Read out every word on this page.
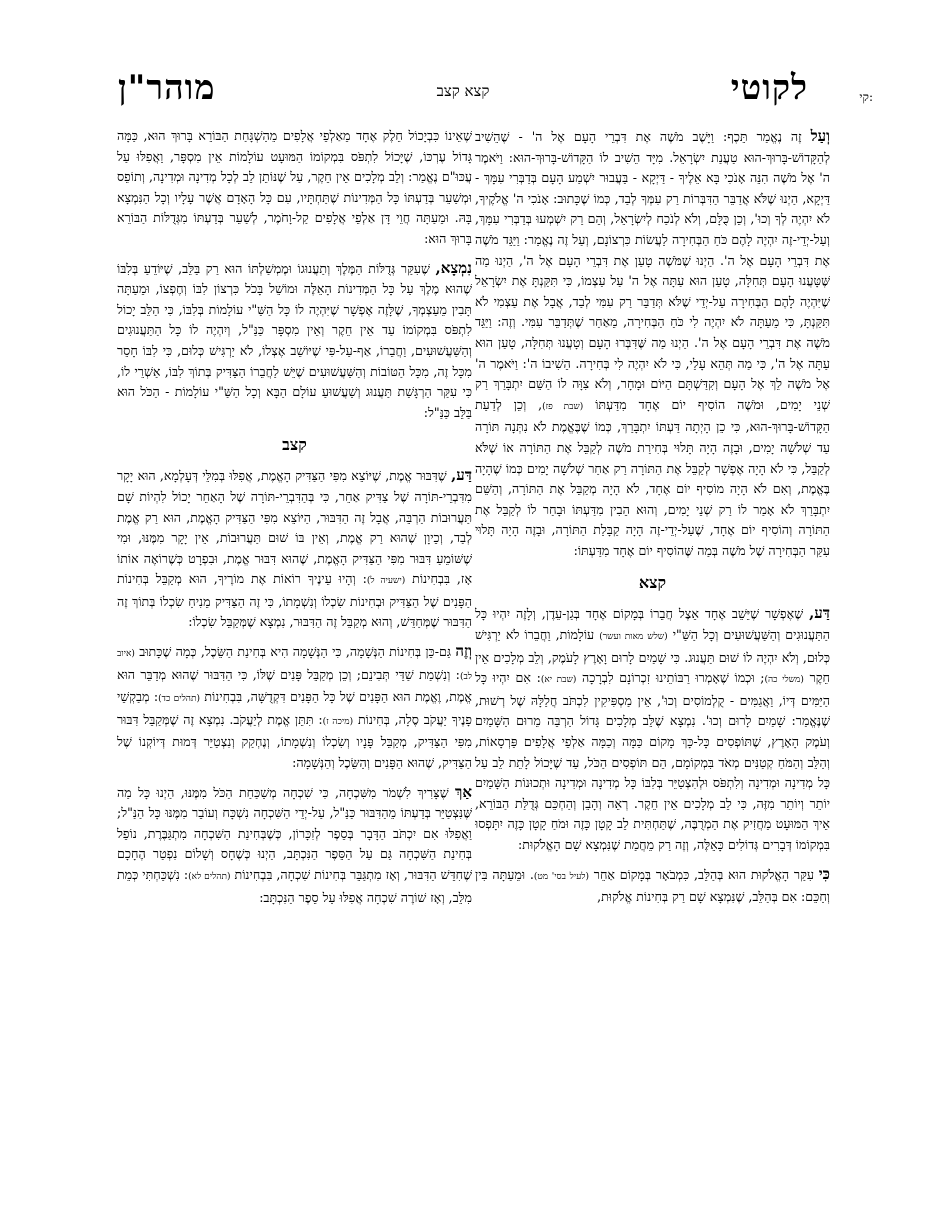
קי:
לקוטי
קצא קצב
מוהר"ן

וְעַל זֶה נֶאֱמַר תֵּכֶף: וַיָּשֶׁב מֹשֶׁה אֶת דִּבְרֵי הָעָם אֶל ה' - שֶׁהֵשִׁיב לְהַקָּדוֹשׁ-בָּרוּךְ-הוּא טַעֲנַת יִשְׂרָאֵל. מִיָּד הֵשִׁיב לוֹ הַקָּדוֹשׁ-בָּרוּךְ-הוּא: וַיֹּאמֶר ה' אֶל מֹשֶׁה הִנֵּה אָנֹכִי בָּא אֵלֶיךָ - דַּיְקָא - בַּעֲבוּר יִשְׁמַע הָעָם בְּדַבְּרִי עִמָּךְ - דַּיְקָא, הַיְנוּ שֶׁלֹּא אֲדַבֵּר הַדִּבְּרוֹת רַק עִמְּךָ לְבַד, כְּמוֹ שֶׁכָּתוּב: אָנֹכִי ה' אֱלֹקֶיךָ, לֹא יִהְיֶה לְךָ וְכוּ', וְכֵן כֻּלָּם, וְלֹא לְנֹכַח לְיִשְׂרָאֵל, וְהֵם רַק יִשְׁמְעוּ בְּדַבְּרִי עִמָּךְ, וְעַל-יְדֵי-זֶה יִהְיֶה לָהֶם כֹּחַ הַבְּחִירָה לַעֲשׂוֹת כִּרְצוֹנָם, וְעַל זֶה נֶאֱמַר: וַיַּגֵּד מֹשֶׁה אֶת דִּבְרֵי הָעָם אֶל ה'. הַיְנוּ שֶׁמֹּשֶׁה טָעַן אֶת דִּבְרֵי הָעָם אֶל ה', הַיְנוּ מַה שֶּׁטָּעֲנוּ הָעָם תְּחִלָּה, טָעַן הוּא עַתָּה אֶל ה' עַל עַצְמוֹ, כִּי תִּקַּנְתָּ אֶת יִשְׂרָאֵל שֶׁיִּהְיֶה לָהֶם הַבְּחִירָה עַל-יְדֵי שֶׁלֹּא תְּדַבֵּר רַק עִמִּי לְבַד, אֲבָל אֶת עַצְמִי לֹא תִּקַּנְתָּ, כִּי מֵעַתָּה לֹא יִהְיֶה לִי כֹּחַ הַבְּחִירָה, מֵאַחַר שֶׁתְּדַבֵּר עִמִּי. וְזֶה: וַיַּגֵּד מֹשֶׁה אֶת דִּבְרֵי הָעָם אֶל ה'. הַיְנוּ מַה שֶּׁדִּבְּרוּ הָעָם וְטָעֲנוּ תְּחִלָּה, טָעַן הוּא עַתָּה אֶל ה', כִּי מַה תְּהֵא עָלַי, כִּי לֹא יִהְיֶה לִי בְּחִירָה. הֵשִׁיבוֹ ה': וַיֹּאמֶר ה' אֶל מֹשֶׁה לֵךְ אֶל הָעָם וְקִדַּשְׁתָּם הַיּוֹם וּמָחָר, וְלֹא צִוָּה לוֹ הַשֵּׁם יִתְבָּרַךְ רַק שְׁנֵי יָמִים, וּמֹשֶׁה הוֹסִיף יוֹם אֶחָד מִדַּעְתּוֹ (שבת פז), וְכֵן לְדַעַת הַקָּדוֹשׁ-בָּרוּךְ-הוּא, כִּי כֵן הָיְתָה דַּעְתּוֹ יִתְבָּרַךְ, כְּמוֹ שֶׁבֶּאֱמֶת לֹא נִתְּנָה תּוֹרָה עַד שְׁלֹשָׁה יָמִים, וּבָזֶה הָיָה תָּלוּי בְּחִירַת מֹשֶׁה לְקַבֵּל אֶת הַתּוֹרָה אוֹ שֶׁלֹּא לְקַבֵּל, כִּי לֹא הָיָה אֶפְשָׁר לְקַבֵּל אֶת הַתּוֹרָה רַק אַחַר שְׁלֹשָׁה יָמִים כְּמוֹ שֶׁהָיָה בֶּאֱמֶת, וְאִם לֹא הָיָה מוֹסִיף יוֹם אֶחָד, לֹא הָיָה מְקַבֵּל אֶת הַתּוֹרָה, וְהַשֵּׁם יִתְבָּרַךְ לֹא אָמַר לוֹ רַק שְׁנֵי יָמִים, וְהוּא הֵבִין מִדַּעְתּוֹ וּבָחַר לוֹ לְקַבֵּל אֶת הַתּוֹרָה וְהוֹסִיף יוֹם אֶחָד, שֶׁעַל-יְדֵי-זֶה הָיָה קַבָּלַת הַתּוֹרָה, וּבָזֶה הָיָה תָּלוּי עִקַּר הַבְּחִירָה שֶׁל מֹשֶׁה בְּמַה שֶּׁהוֹסִיף יוֹם אֶחָד מִדַּעְתּוֹ:

קצא

דַּע, שֶׁאֶפְשָׁר שֶׁיֵּשֵׁב אֶחָד אֵצֶל חֲבֵרוֹ בְּמָקוֹם אֶחָד בְּגַן-עֵדֶן, וְלָזֶה יִהְיוּ כָּל הַתַּעֲנוּגִים וְהַשַּׁעֲשׁוּעִים וְכָל הַשַּׁ"י (שלש מאות ועשר) עוֹלָמוֹת, וַחֲבֵרוֹ לֹא יַרְגִּישׁ כְּלוּם, וְלֹא יִהְיֶה לוֹ שׁוּם תַּעֲנוּג. כִּי שָׁמַיִם לָרוּם וָאָרֶץ לָעֹמֶק, וְלֵב מְלָכִים אֵין חֵקֶר (משלי כה); וּכְמוֹ שֶׁאָמְרוּ רַבּוֹתֵינוּ זִכְרוֹנָם לִבְרָכָה (שבת יא): אִם יִהְיוּ כָּל הַיַּמִּים דְּיוֹ, וַאֲגַמִּים - קֻלְמוֹסִים וְכוּ', אֵין מַסְפִּיקִין לִכְתֹּב חֲלַלָּהּ שֶׁל רְשׁוּת, שֶׁנֶּאֱמַר: שָׁמַיִם לָרוּם וְכוּ'. נִמְצָא שֶׁלֵּב מְלָכִים גָּדוֹל הַרְבֵּה מֵרוּם הַשָּׁמַיִם וְעֹמֶק הָאָרֶץ, שֶׁתּוֹפְסִים כָּל-כָּךְ מָקוֹם כַּמָּה וְכַמָּה אַלְפֵי אֲלָפִים פַּרְסָאוֹת, וְהַלֵּב וְהַמֹּחַ קְטַנִּים מְאֹד בִּמְקוֹמָם, הֵם תּוֹפְסִים הַכֹּל, עַד שֶׁיָּכוֹל לָתֵת לֵב עַל כָּל מְדִינָה וּמְדִינָה וְלִתְפֹּס וּלְהִצְטַיֵּר בְּלִבּוֹ כָּל מְדִינָה וּמְדִינָה וּתְכוּנוֹת הַשָּׁמַיִם יוֹתֵר וְיוֹתֵר מִזֶּה, כִּי לֵב מְלָכִים אֵין חֵקֶר. רְאֵה וְהָבֵן וְהַחְכֵּם גְּדֻלַּת הַבּוֹרֵא, אֵיךְ הַמּוּעָט מַחֲזִיק אֶת הַמְרֻבֶּה, שֶׁתַּחְתִּית לֵב קָטָן כָּזֶה וּמֹחַ קָטָן כָּזֶה יִתָּפְסוּ בִּמְקוֹמוֹ דְּבָרִים גְּדוֹלִים כָּאֵלֶּה, וְזֶה רַק מֵחֲמַת שֶׁנִּמְצָא שָׁם הָאֱלֹקוּת:

כִּי עִקַּר הָאֱלֹקוּת הוּא בְּהַלֵּב, כִּמְבֹאָר בְּמָקוֹם אַחֵר (לעיל בסי' מט). וּמֵעַתָּה בִּין וְחַכֵּם: אִם בְּהַלֵּב, שֶׁנִּמְצָא שָׁם רַק בְּחִינוֹת אֱלֹקוּת,

שֶׁאֵינוֹ כִּבְיָכוֹל חֵלֶק אֶחָד מֵאַלְפֵי אֲלָפִים מֵהַשְׁגָּחַת הַבּוֹרֵא בָּרוּךְ הוּא, כַּמָּה גָּדוֹל עֶרְכּוֹ, שֶׁיָּכוֹל לִתְפֹּס בִּמְקוֹמוֹ הַמּוּעָט עוֹלָמוֹת אֵין מִסְפָּר, וַאֲפִלּוּ עַל עֲכּוּ"ם נֶאֱמַר: וְלֵב מְלָכִים אֵין חֵקֶר, עַל שֶׁנּוֹתֵן לֵב לְכָל מְדִינָה וּמְדִינָה, וְתוֹפֵס וּמְשַׁעֵר בְּדַעְתּוֹ כָּל הַמְּדִינוֹת שֶׁתַּחְתָּיו, עִם כָּל הָאָדָם אֲשֶׁר עָלָיו וְכָל הַנִּמְצָא בָּהּ. וּמֵעַתָּה חֲוֵי דָּן אַלְפֵי אֲלָפִים קַל-וָחֹמֶר, לְשַׁעֵר בְּדַעְתּוֹ מִגְּדֻלּוֹת הַבּוֹרֵא בָּרוּךְ הוּא:

נִמְצָא, שֶׁעִקַּר גְּדֻלּוֹת הַמֶּלֶךְ וְתַעֲנוּגוֹ וּמֶמְשַׁלְתּוֹ הוּא רַק בַּלֵּב, שֶׁיּוֹדֵעַ בְּלִבּוֹ שֶׁהוּא מֶלֶךְ עַל כָּל הַמְּדִינוֹת הָאֵלֶּה וּמוֹשֵׁל בָּכֹל כִּרְצוֹן לִבּוֹ וְחֶפְצוֹ, וּמֵעַתָּה תָּבִין מֵעַצְמְךָ, שֶׁלָּזֶה אֶפְשָׁר שֶׁיִּהְיֶה לוֹ כָּל הַשַּׁ"י עוֹלָמוֹת בְּלִבּוֹ, כִּי הַלֵּב יָכוֹל לִתְפֹּס בִּמְקוֹמוֹ עַד אֵין חֵקֶר וְאֵין מִסְפָּר כַּנַּ"ל, וְיִהְיֶה לוֹ כָּל הַתַּעֲנוּגִים וְהַשַּׁעֲשׁוּעִים, וַחֲבֵרוֹ, אַף-עַל-פִּי שֶׁיּוֹשֵׁב אֶצְלוֹ, לֹא יַרְגִּישׁ כְּלוּם, כִּי לִבּוֹ חָסֵר מִכָּל זֶה, מִכָּל הַטּוֹבוֹת וְהַשַּׁעֲשׁוּעִים שֶׁיֵּשׁ לַחֲבֵרוֹ הַצַּדִּיק בְּתוֹךְ לִבּוֹ, אַשְׁרֵי לוֹ, כִּי עִקַּר הַרְגָּשַׁת תַּעֲנוּג וְשַׁעֲשׁוּעַ עוֹלָם הַבָּא וְכָל הַשַּׁ"י עוֹלָמוֹת - הַכֹּל הוּא בַּלֵּב כַּנַּ"ל:

קצב

דַּע, שֶׁדִּבּוּר אֱמֶת, שֶׁיּוֹצֵא מִפִּי הַצַּדִּיק הָאֱמֶת, אֲפִלּוּ בְּמִלֵּי דְּעָלְמָא, הוּא יָקָר מִדִּבְרֵי-תּוֹרָה שֶׁל צַדִּיק אַחֵר, כִּי בְּהַדִּבְרֵי-תּוֹרָה שֶׁל הָאַחֵר יָכוֹל לִהְיוֹת שָׁם תַּעֲרוּבוֹת הַרְבֵּה, אֲבָל זֶה הַדִּבּוּר, הַיּוֹצֵא מִפִּי הַצַּדִּיק הָאֱמֶת, הוּא רַק אֱמֶת לְבַד, וְכֵיוָן שֶׁהוּא רַק אֱמֶת, וְאֵין בּוֹ שׁוּם תַּעֲרוּבוֹת, אֵין יָקָר מִמֶּנּוּ, וּמִי שֶׁשּׁוֹמֵעַ דִּבּוּר מִפִּי הַצַּדִּיק הָאֱמֶת, שֶׁהוּא דִּבּוּר אֱמֶת, וּבִפְרָט כְּשֶׁרוֹאֶה אוֹתוֹ אָז, בִּבְחִינוֹת (ישעיה ל): וְהָיוּ עֵינֶיךָ רוֹאוֹת אֶת מוֹרֶיךָ, הוּא מְקַבֵּל בְּחִינוֹת הַפָּנִים שֶׁל הַצַּדִּיק וּבְחִינוֹת שִׂכְלוֹ וְנִשְׁמָתוֹ, כִּי זֶה הַצַּדִּיק מֵנִיחַ שִׂכְלוֹ בְּתוֹךְ זֶה הַדִּבּוּר שֶׁמְּחַדֵּשׁ, וְהוּא מְקַבֵּל זֶה הַדִּבּוּר, נִמְצָא שֶׁמְּקַבֵּל שִׂכְלוֹ:

וְזֶה גַּם-כֵּן בְּחִינוֹת הַנְּשָׁמָה, כִּי הַנְּשָׁמָה הִיא בְּחִינַת הַשֵּׂכֶל, כְּמָה שֶׁכָּתוּב (איוב לב): וְנִשְׁמַת שַׁדַּי תְּבִינֵם; וְכֵן מְקַבֵּל פָּנִים שֶׁלּוֹ, כִּי הַדִּבּוּר שֶׁהוּא מְדַבֵּר הוּא אֱמֶת, וֶאֱמֶת הוּא הַפָּנִים שֶׁל כָּל הַפָּנִים דִּקְדֻשָּׁה, בִּבְחִינוֹת (תהלים כד): מְבַקְשֵׁי פָנֶיךָ יַעֲקֹב סֶלָה, בְּחִינוֹת (מיכה ז): תִּתֵּן אֱמֶת לְיַעֲקֹב. נִמְצָא זֶה שֶׁמְּקַבֵּל דִּבּוּר מִפִּי הַצַּדִּיק, מְקַבֵּל פָּנָיו וְשִׂכְלוֹ וְנִשְׁמָתוֹ, וְנֶחְקַק וְנִצְטַיֵּר דְּמוּת דְּיוֹקְנוֹ שֶׁל הַצַּדִּיק, שֶׁהוּא הַפָּנִים וְהַשֵּׂכֶל וְהַנְּשָׁמָה:

אַךְ שֶׁצָּרִיךְ לִשְׁמֹר מִשִּׁכְחָה, כִּי שִׁכְחָה מְשַׁכַּחַת הַכֹּל מִמֶּנּוּ, הַיְנוּ כָּל מַה שֶּׁנִּצְטַיֵּר בְּדַעְתּוֹ מֵהַדִּבּוּר כַּנַּ"ל, עַל-יְדֵי הַשִּׁכְחָה נִשְׁכָּח וְעוֹבֵר מִמֶּנּוּ כָּל הַנַּ"ל; וַאֲפִלּוּ אִם יִכְתֹּב הַדָּבָר בְּסֵפֶר לְזִכָּרוֹן, כְּשֶׁבְּחִינַת הַשִּׁכְחָה מִתְגַּבֶּרֶת, נוֹפֵל בְּחִינַת הַשִּׁכְחָה גַּם עַל הַסֵּפֶר הַנִּכְתָּב, הַיְנוּ כְּשֶׁחָס וְשָׁלוֹם נִפְטַר הֶחָכָם שֶׁחִדֵּשׁ הַדִּבּוּר, וְאָז מִתְגַּבֵּר בְּחִינוֹת שִׁכְחָה, בִּבְחִינוֹת (תהלים לא): נִשְׁכַּחְתִּי כְּמֵת מִלֵּב, וְאָז שׁוֹרֶה שִׁכְחָה אֲפִלּוּ עַל סֵפֶר הַנִּכְתָּב:
